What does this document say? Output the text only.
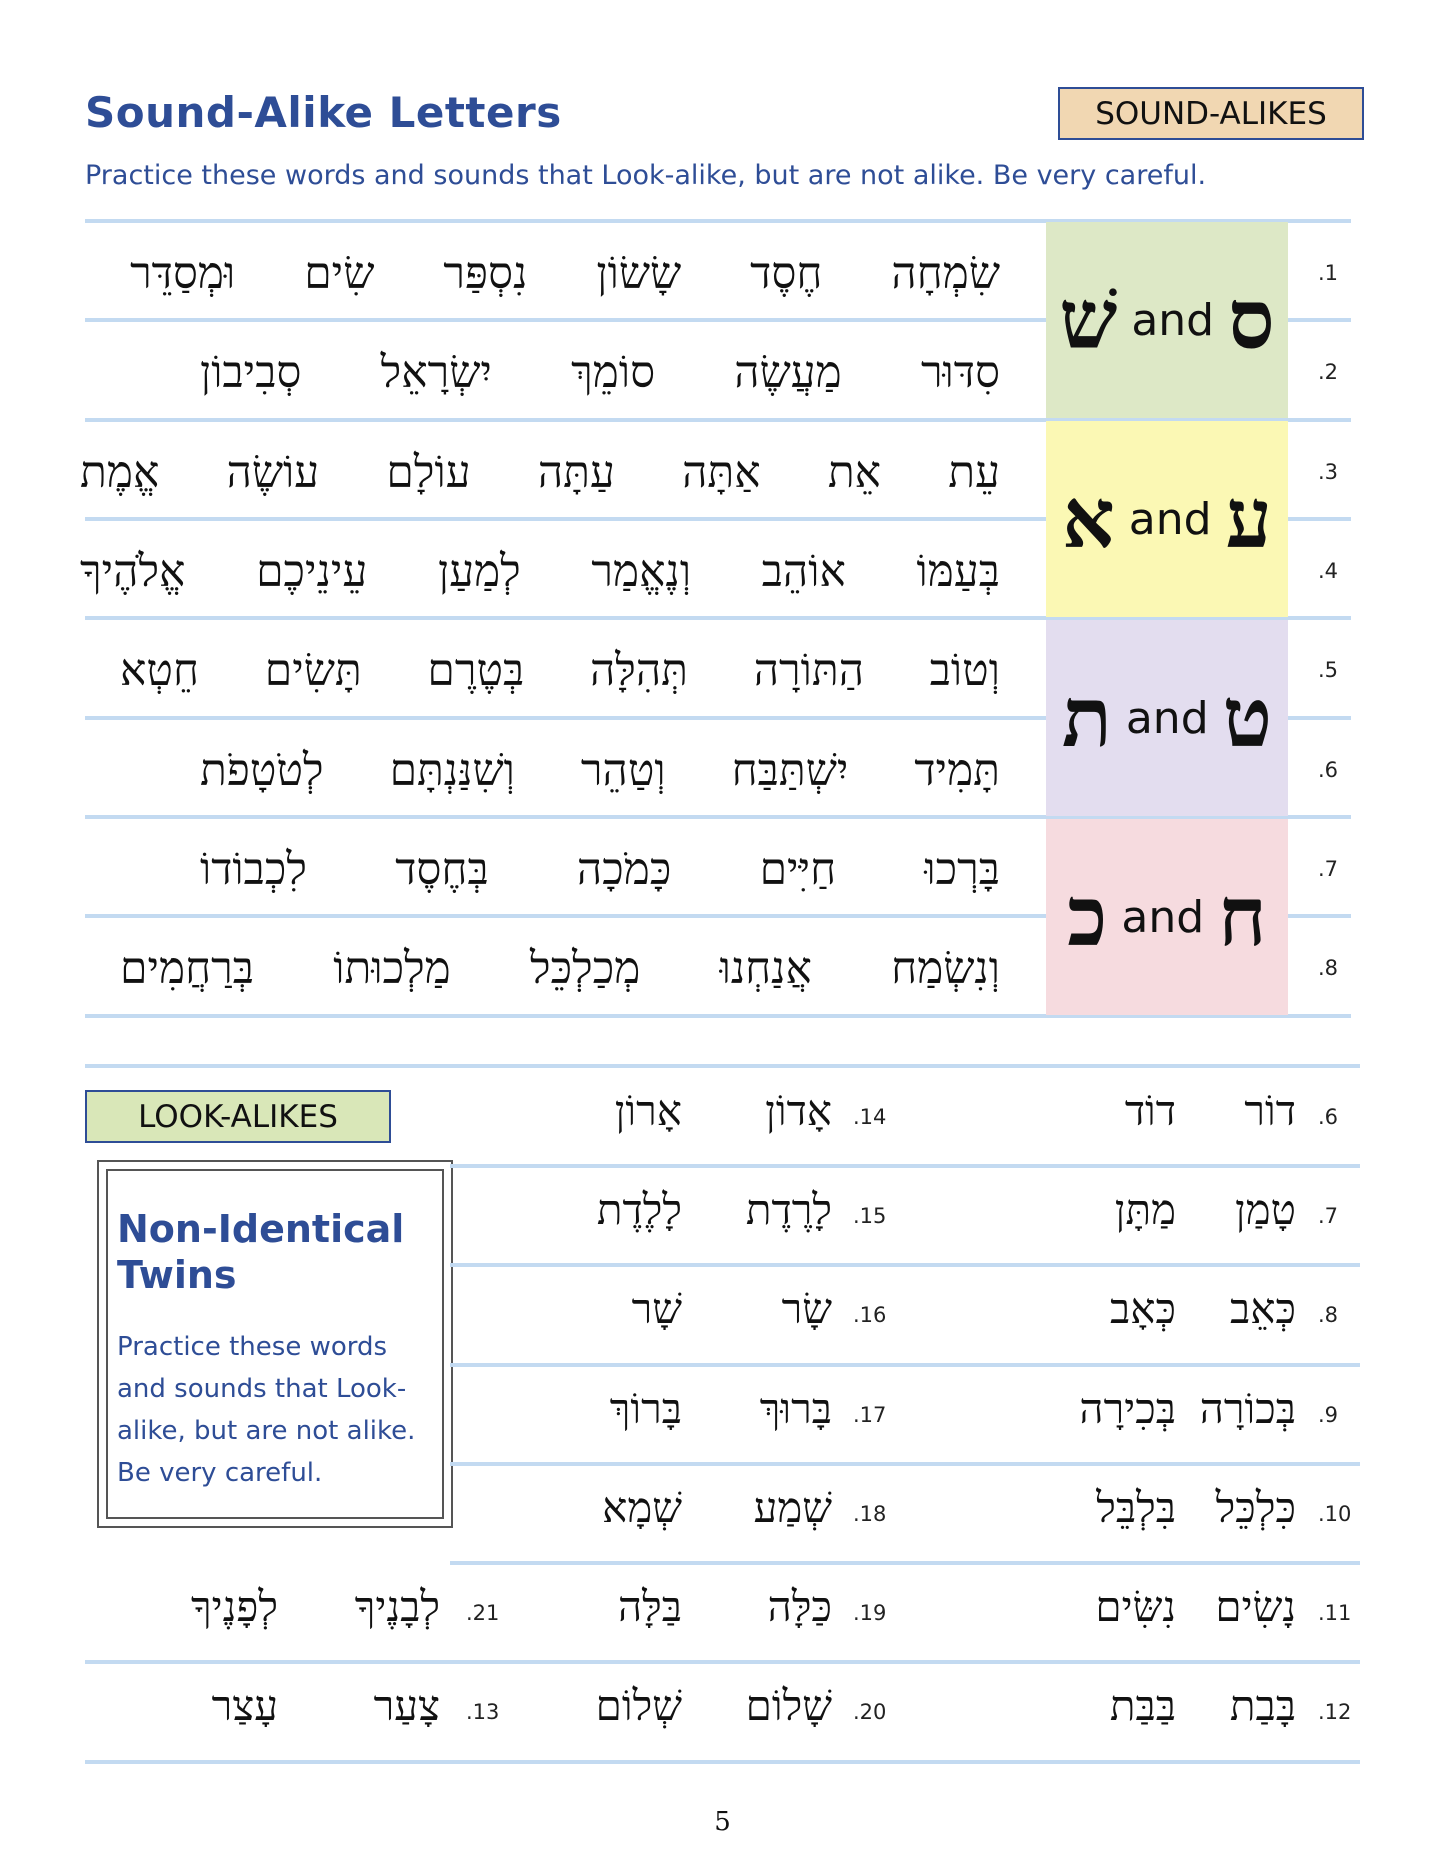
Sound-Alike Letters
Practice these words and sounds that Look-alike, but are not alike. Be very careful.
SOUND-ALIKES
שׁ and ס
א and ע
ת and ט
כ and ח
.1
שִׂמְחָה
חֶסֶד
שָׂשׂוֹן
נִסְפַּר
שִׂים
וּמְסַדֵּר
.2
סִדּוּר
מַעֲשֶׂה
סוֹמֵךְ
יִשְׂרָאֵל
סְבִיבוֹן
.3
עֵת
אֵת
אַתָּה
עַתָּה
עוֹלָם
עוֹשֶׂה
אֱמֶת
.4
בְּעַמּוֹ
אוֹהֵב
וְנֶאֱמַר
לְמַעַן
עֵינֵיכֶם
אֱלֹהֶיךָ
.5
וְטוֹב
הַתּוֹרָה
תְּהִלָּה
בְּטֶרֶם
תָּשִׂים
חֵטְא
.6
תָּמִיד
יִשְׁתַּבַּח
וְטַהֵר
וְשִׁנַּנְתָּם
לְטֹטָפֹת
.7
בָּרְכוּ
חַיִּים
כָּמֹכָה
בְּחֶסֶד
לִכְבוֹדוֹ
.8
וְנִשְׂמַח
אֲנַחְנוּ
מְכַלְכֵּל
מַלְכוּתוֹ
בְּרַחֲמִים
LOOK-ALIKES
Non-Identical Twins
Practice these words and sounds that Look-alike, but are not alike. Be very careful.
.6
דוֹר
דוֹד
.14
אָדוֹן
אָרוֹן
.7
טָמַן
מַתָּן
.15
לָרֶדֶת
לָלֶדֶת
.8
כְּאֵב
כְּאָב
.16
שָׂר
שָׁר
.9
בְּכוֹרָה
בְּכִירָה
.17
בָּרוּךְ
בָּרוֹךְ
.10
כִּלְכֵּל
בִּלְבֵּל
.18
שְׁמַע
שְׁמָא
.11
נָשִׂים
נִשִּׂים
.19
כַּלָּה
בַּלָּה
.21
לְבָנֶיךָ
לְפָנֶיךָ
.12
בָּבַת
בַּבַּת
.20
שָׁלוֹם
שְׁלוֹם
.13
צָעַר
עָצַר
5
